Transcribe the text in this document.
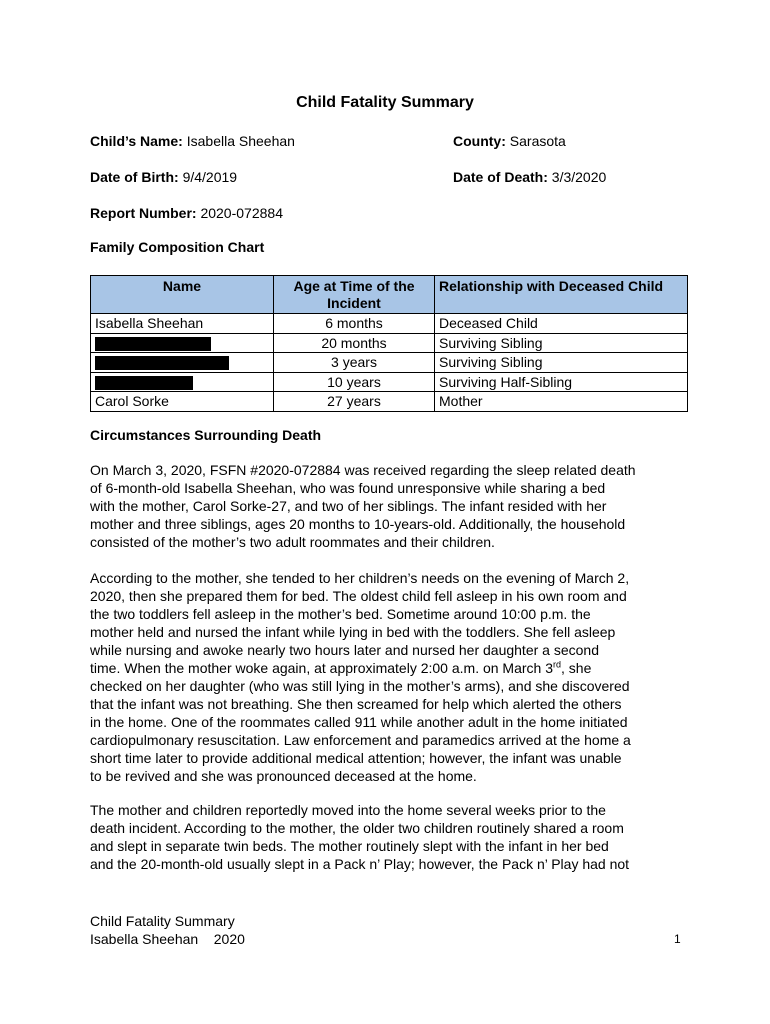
Child Fatality Summary
Child’s Name: Isabella Sheehan	County: Sarasota
Date of Birth: 9/4/2019	Date of Death: 3/3/2020
Report Number: 2020-072884
Family Composition Chart
Name	Age at Time of the Incident	Relationship with Deceased Child
Isabella Sheehan	6 months	Deceased Child
	20 months	Surviving Sibling
	3 years	Surviving Sibling
	10 years	Surviving Half-Sibling
Carol Sorke	27 years	Mother
Circumstances Surrounding Death

On March 3, 2020, FSFN #2020-072884 was received regarding the sleep related death
of 6-month-old Isabella Sheehan, who was found unresponsive while sharing a bed
with the mother, Carol Sorke-27, and two of her siblings. The infant resided with her
mother and three siblings, ages 20 months to 10-years-old. Additionally, the household
consisted of the mother’s two adult roommates and their children.

According to the mother, she tended to her children’s needs on the evening of March 2,
2020, then she prepared them for bed. The oldest child fell asleep in his own room and
the two toddlers fell asleep in the mother’s bed. Sometime around 10:00 p.m. the
mother held and nursed the infant while lying in bed with the toddlers. She fell asleep
while nursing and awoke nearly two hours later and nursed her daughter a second
time. When the mother woke again, at approximately 2:00 a.m. on March 3rd, she
checked on her daughter (who was still lying in the mother’s arms), and she discovered
that the infant was not breathing. She then screamed for help which alerted the others
in the home. One of the roommates called 911 while another adult in the home initiated
cardiopulmonary resuscitation. Law enforcement and paramedics arrived at the home a
short time later to provide additional medical attention; however, the infant was unable
to be revived and she was pronounced deceased at the home.

The mother and children reportedly moved into the home several weeks prior to the
death incident. According to the mother, the older two children routinely shared a room
and slept in separate twin beds. The mother routinely slept with the infant in her bed
and the 20-month-old usually slept in a Pack n’ Play; however, the Pack n’ Play had not

Child Fatality Summary
Isabella Sheehan    2020	1
